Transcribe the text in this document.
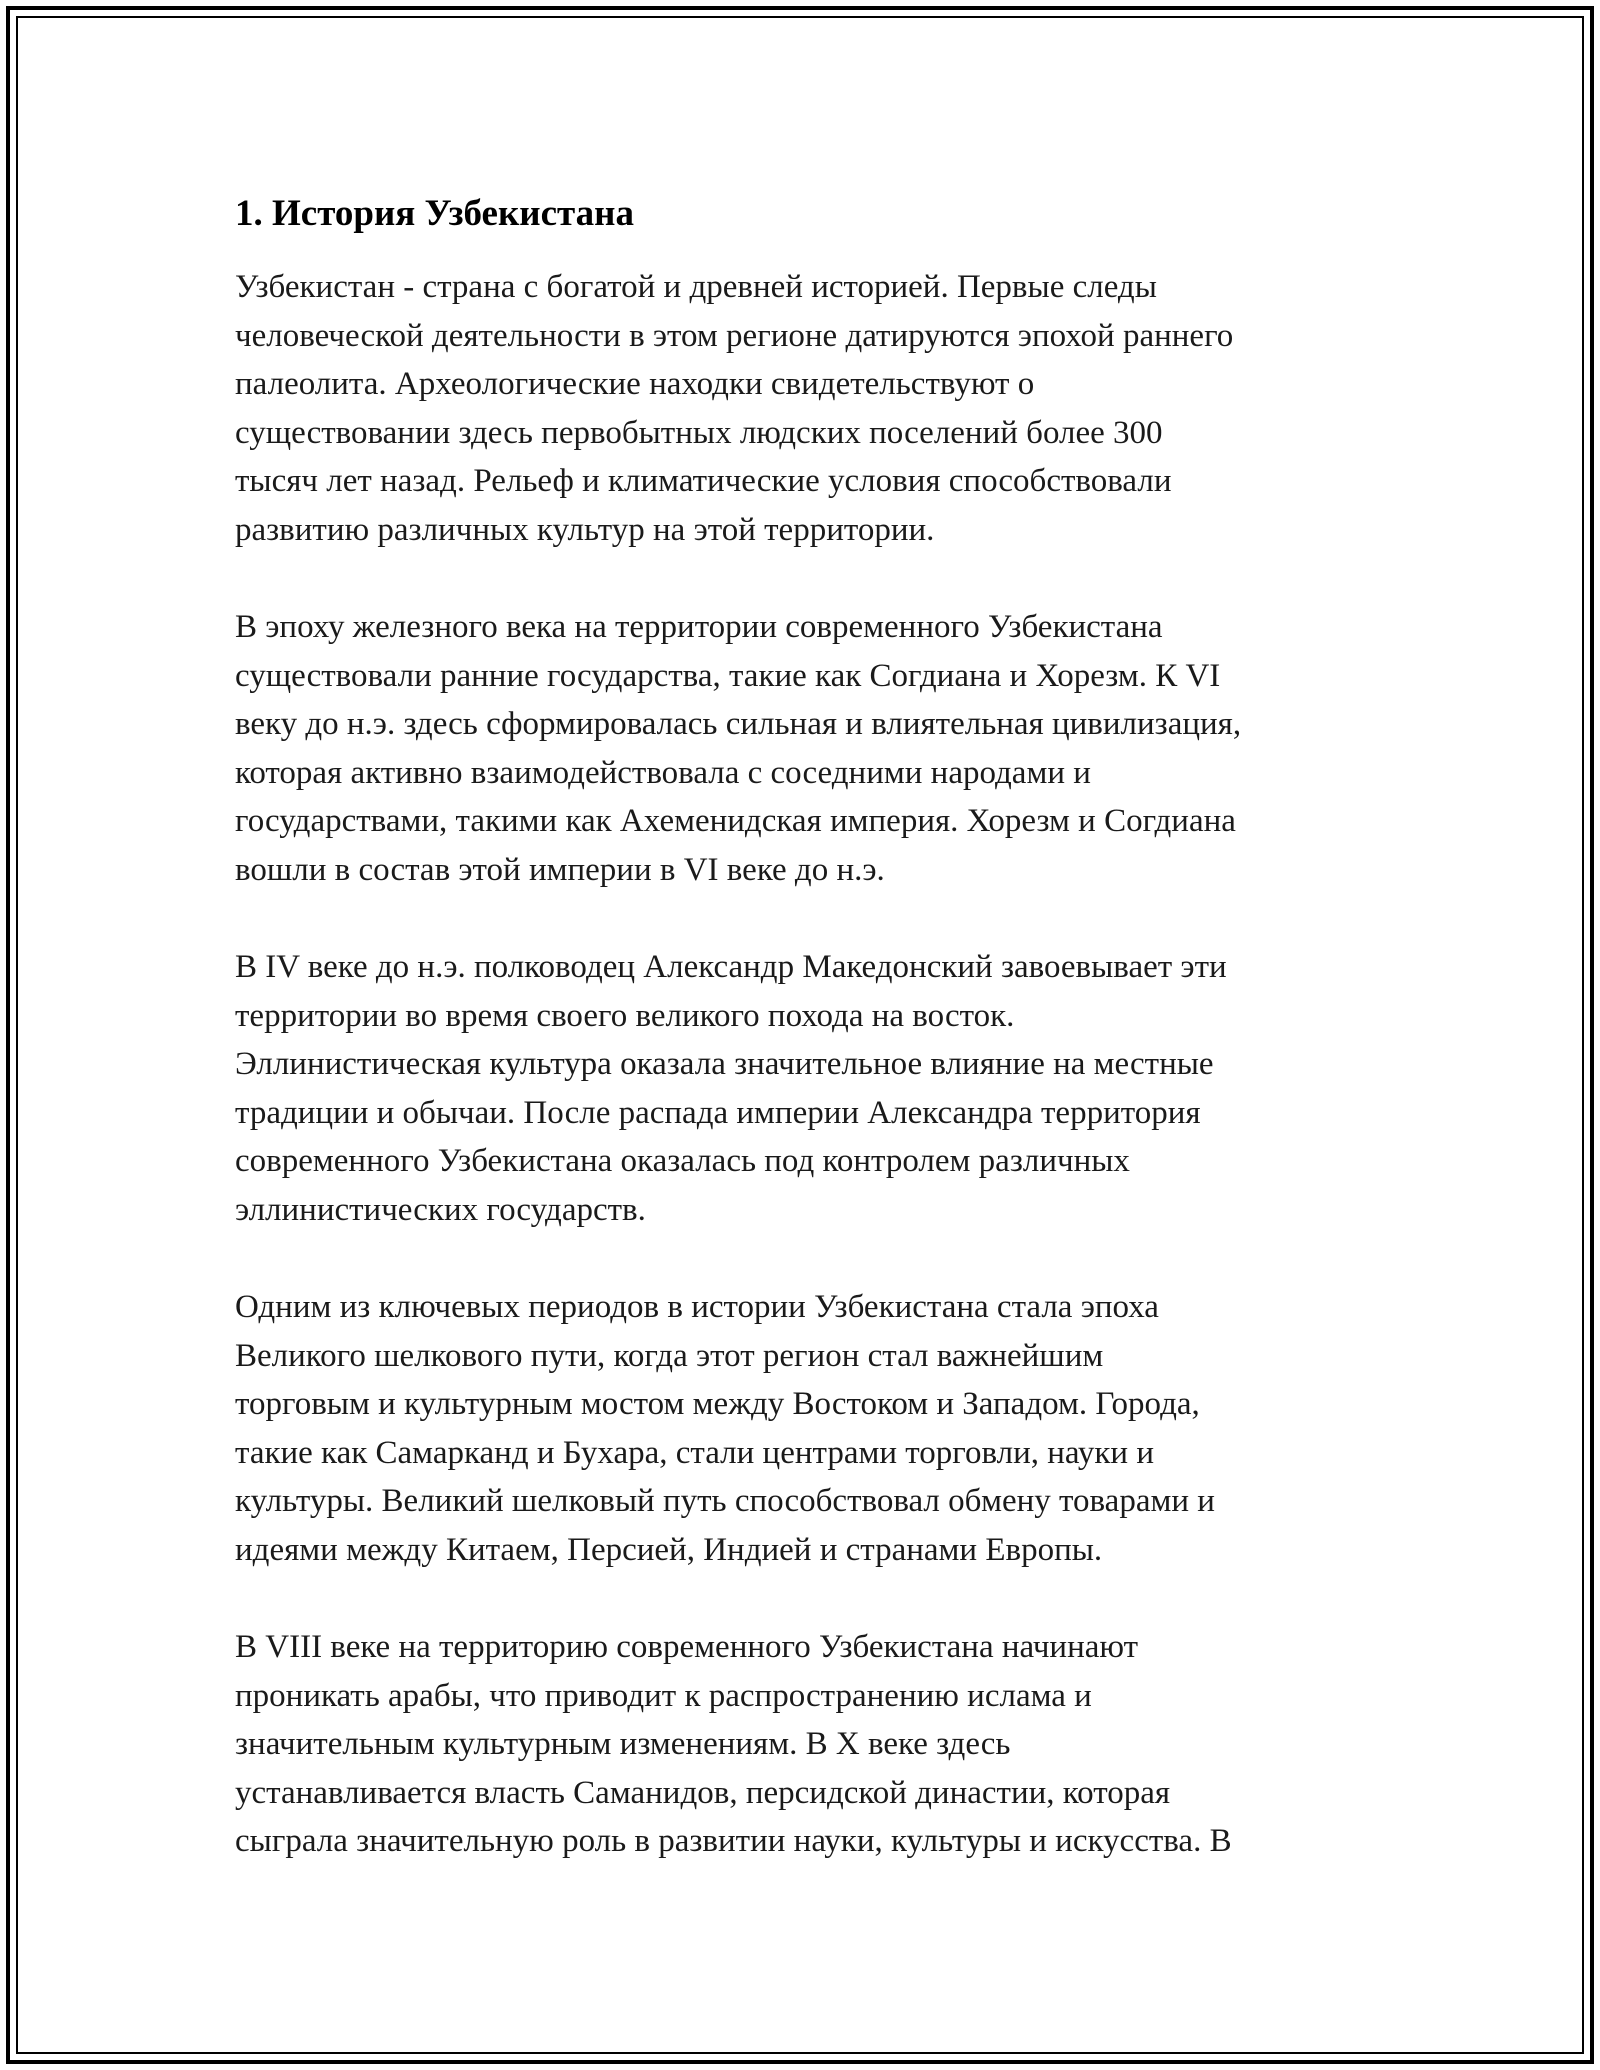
1. История Узбекистана

Узбекистан - страна с богатой и древней историей. Первые следы
человеческой деятельности в этом регионе датируются эпохой раннего
палеолита. Археологические находки свидетельствуют о
существовании здесь первобытных людских поселений более 300
тысяч лет назад. Рельеф и климатические условия способствовали
развитию различных культур на этой территории.

В эпоху железного века на территории современного Узбекистана
существовали ранние государства, такие как Согдиана и Хорезм. К VI
веку до н.э. здесь сформировалась сильная и влиятельная цивилизация,
которая активно взаимодействовала с соседними народами и
государствами, такими как Ахеменидская империя. Хорезм и Согдиана
вошли в состав этой империи в VI веке до н.э.

В IV веке до н.э. полководец Александр Македонский завоевывает эти
территории во время своего великого похода на восток.
Эллинистическая культура оказала значительное влияние на местные
традиции и обычаи. После распада империи Александра территория
современного Узбекистана оказалась под контролем различных
эллинистических государств.

Одним из ключевых периодов в истории Узбекистана стала эпоха
Великого шелкового пути, когда этот регион стал важнейшим
торговым и культурным мостом между Востоком и Западом. Города,
такие как Самарканд и Бухара, стали центрами торговли, науки и
культуры. Великий шелковый путь способствовал обмену товарами и
идеями между Китаем, Персией, Индией и странами Европы.

В VIII веке на территорию современного Узбекистана начинают
проникать арабы, что приводит к распространению ислама и
значительным культурным изменениям. В X веке здесь
устанавливается власть Саманидов, персидской династии, которая
сыграла значительную роль в развитии науки, культуры и искусства. В
